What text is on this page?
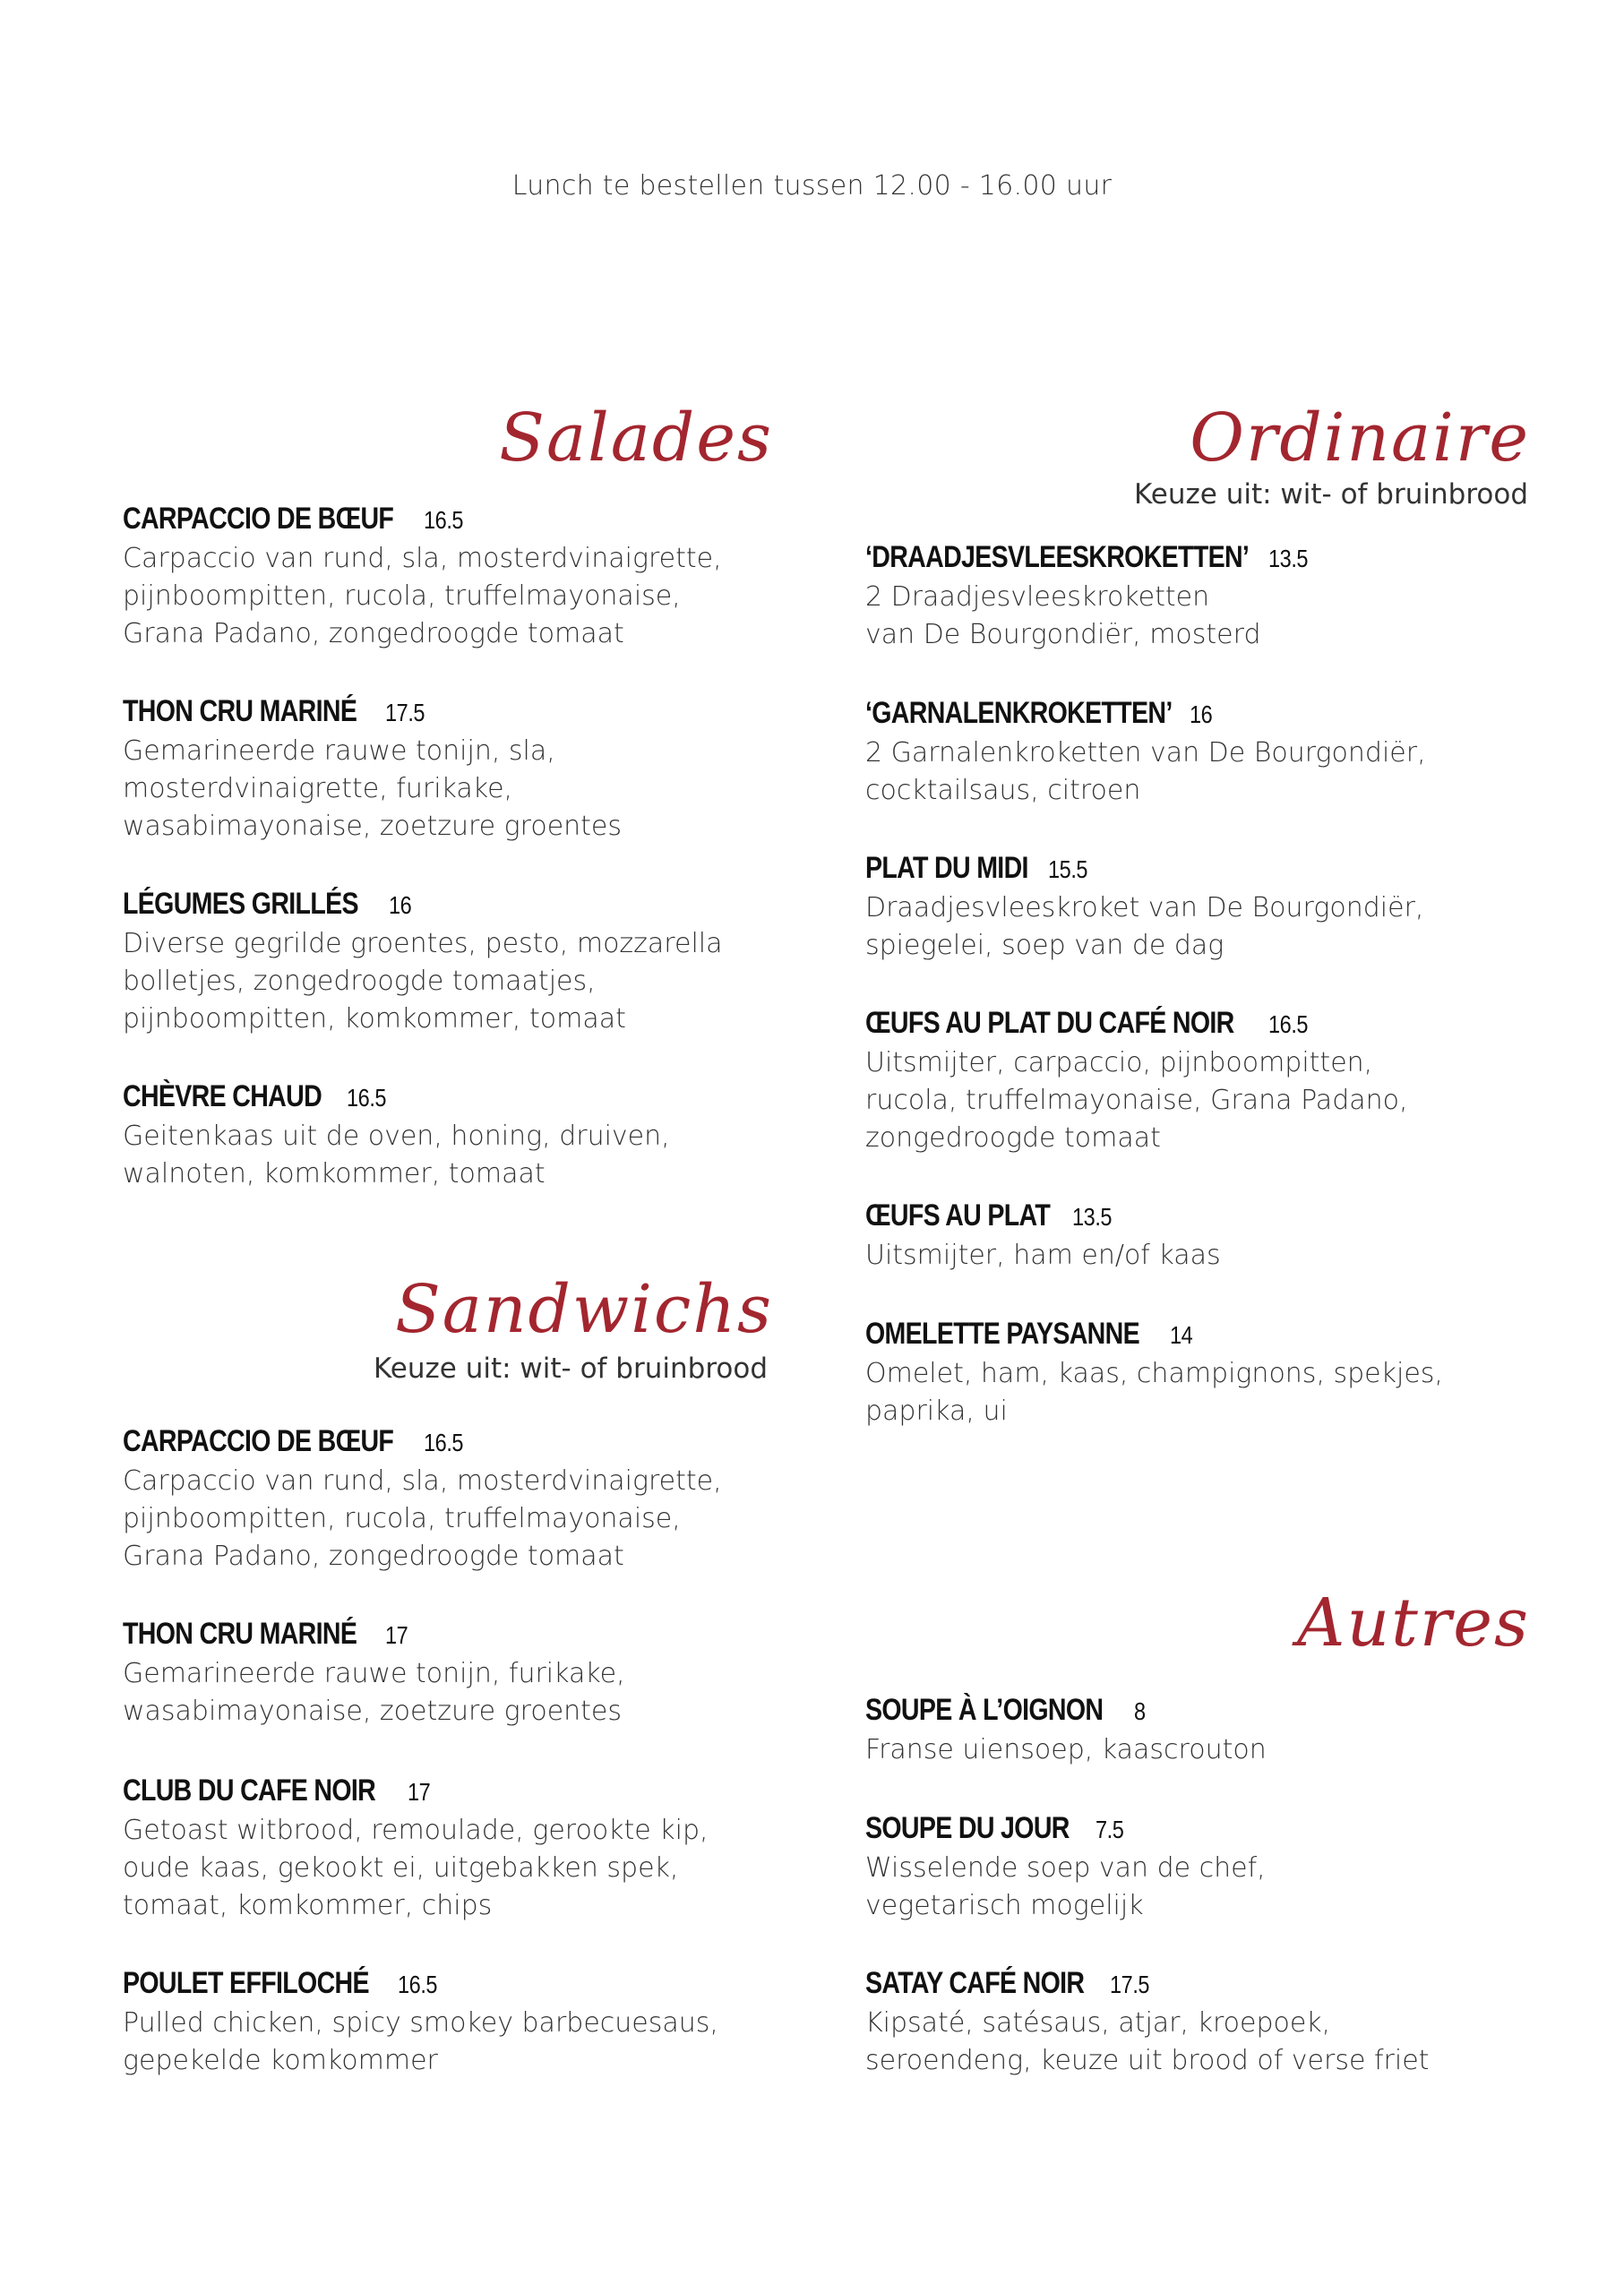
Lunch te bestellen tussen 12.00 - 16.00 uur
Salades
CARPACCIO DE BŒUF 16.5
Carpaccio van rund, sla, mosterdvinaigrette,
pijnboompitten, rucola, truffelmayonaise,
Grana Padano, zongedroogde tomaat
THON CRU MARINÉ 17.5
Gemarineerde rauwe tonijn, sla,
mosterdvinaigrette, furikake,
wasabimayonaise, zoetzure groentes
LÉGUMES GRILLÉS 16
Diverse gegrilde groentes, pesto, mozzarella
bolletjes, zongedroogde tomaatjes,
pijnboompitten, komkommer, tomaat
CHÈVRE CHAUD 16.5
Geitenkaas uit de oven, honing, druiven,
walnoten, komkommer, tomaat
Sandwichs
Keuze uit: wit- of bruinbrood
CARPACCIO DE BŒUF 16.5
Carpaccio van rund, sla, mosterdvinaigrette,
pijnboompitten, rucola, truffelmayonaise,
Grana Padano, zongedroogde tomaat
THON CRU MARINÉ 17
Gemarineerde rauwe tonijn, furikake,
wasabimayonaise, zoetzure groentes
CLUB DU CAFE NOIR 17
Getoast witbrood, remoulade, gerookte kip,
oude kaas, gekookt ei, uitgebakken spek,
tomaat, komkommer, chips
POULET EFFILOCHÉ 16.5
Pulled chicken, spicy smokey barbecuesaus,
gepekelde komkommer
Ordinaire
Keuze uit: wit- of bruinbrood
‘DRAADJESVLEESKROKETTEN’ 13.5
2 Draadjesvleeskroketten
van De Bourgondiër, mosterd
‘GARNALENKROKETTEN’ 16
2 Garnalenkroketten van De Bourgondiër,
cocktailsaus, citroen
PLAT DU MIDI 15.5
Draadjesvleeskroket van De Bourgondiër,
spiegelei, soep van de dag
ŒUFS AU PLAT DU CAFÉ NOIR 16.5
Uitsmijter, carpaccio, pijnboompitten,
rucola, truffelmayonaise, Grana Padano,
zongedroogde tomaat
ŒUFS AU PLAT 13.5
Uitsmijter, ham en/of kaas
OMELETTE PAYSANNE 14
Omelet, ham, kaas, champignons, spekjes,
paprika, ui
Autres
SOUPE À L’OIGNON 8
Franse uiensoep, kaascrouton
SOUPE DU JOUR 7.5
Wisselende soep van de chef,
vegetarisch mogelijk
SATAY CAFÉ NOIR 17.5
Kipsaté, satésaus, atjar, kroepoek,
seroendeng, keuze uit brood of verse friet
